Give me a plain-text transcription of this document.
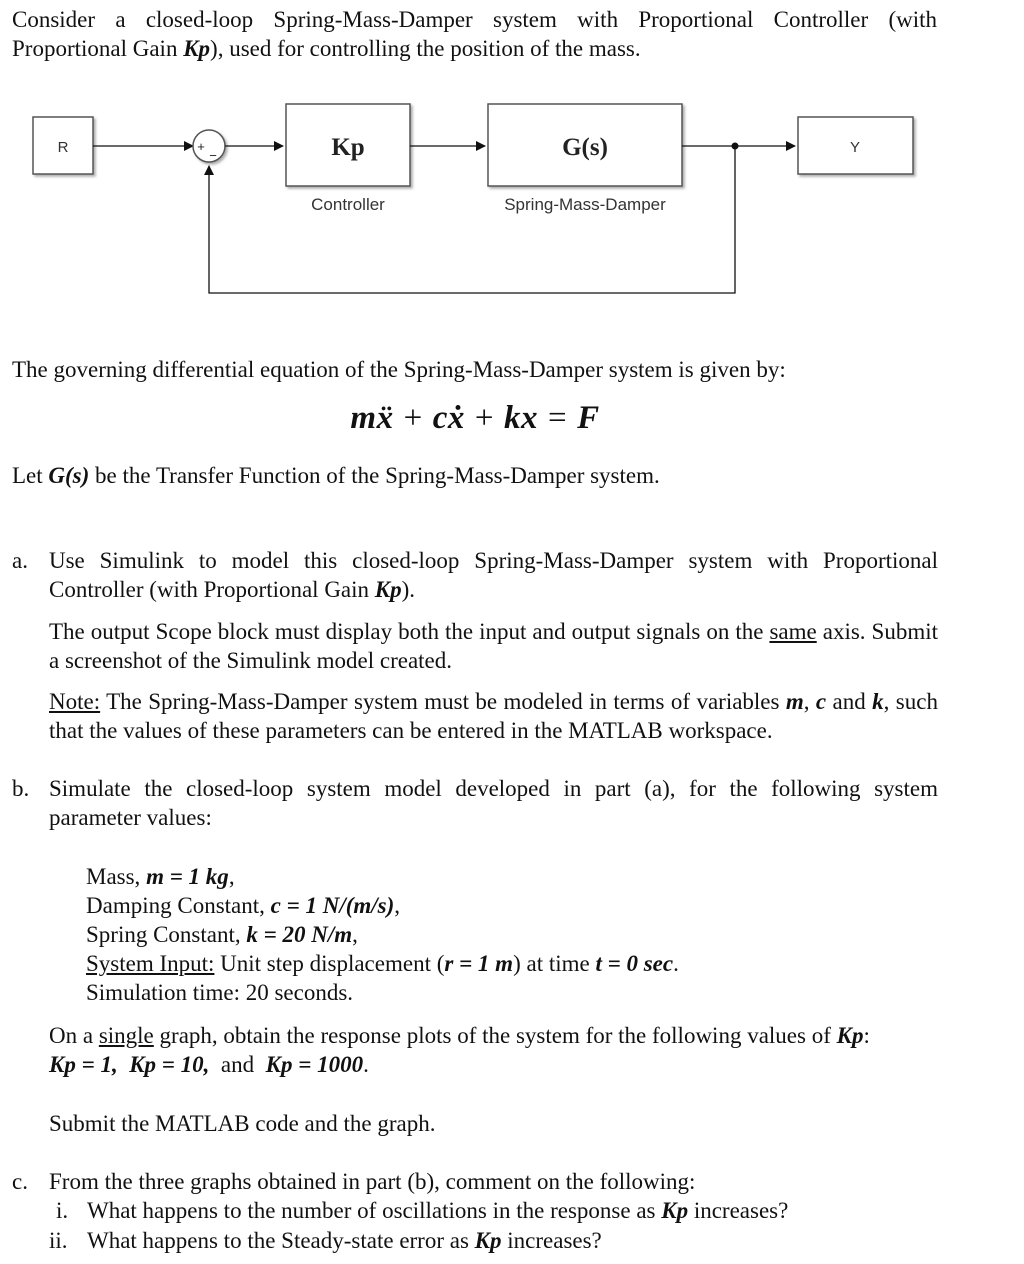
Consider a closed-loop Spring-Mass-Damper system with Proportional Controller (with Proportional Gain Kp), used for controlling the position of the mass.

R	+
−	Kp
Controller
G(s)
Spring-Mass-Damper
Y

The governing differential equation of the Spring-Mass-Damper system is given by:

mẍ + cẋ + kx = F

Let G(s) be the Transfer Function of the Spring-Mass-Damper system.

a. Use Simulink to model this closed-loop Spring-Mass-Damper system with Proportional Controller (with Proportional Gain Kp).

The output Scope block must display both the input and output signals on the same axis. Submit a screenshot of the Simulink model created.

Note: The Spring-Mass-Damper system must be modeled in terms of variables m, c and k, such that the values of these parameters can be entered in the MATLAB workspace.

b. Simulate the closed-loop system model developed in part (a), for the following system parameter values:

Mass, m = 1 kg,
Damping Constant, c = 1 N/(m/s),
Spring Constant, k = 20 N/m,
System Input: Unit step displacement (r = 1 m) at time t = 0 sec.
Simulation time: 20 seconds.

On a single graph, obtain the response plots of the system for the following values of Kp:
Kp = 1,  Kp = 10,  and  Kp = 1000.

Submit the MATLAB code and the graph.

c. From the three graphs obtained in part (b), comment on the following:

i. What happens to the number of oscillations in the response as Kp increases?
ii. What happens to the Steady-state error as Kp increases?
